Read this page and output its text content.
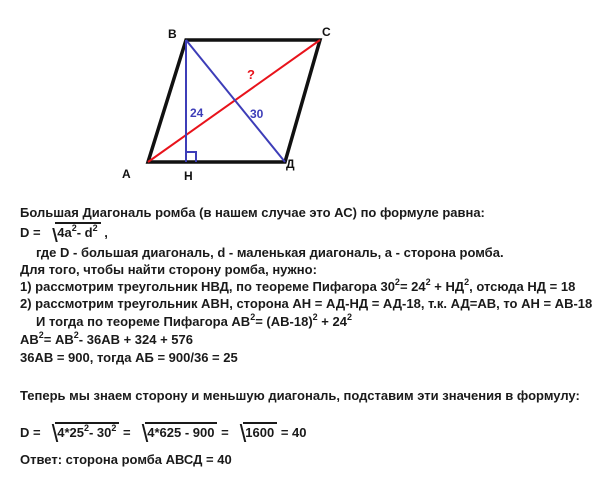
B	C
A	H
Д
24	30
?
Большая Диагональ ромба (в нашем случае это АС) по формуле равна:
$D = 4a^2-$ $d^2$ ,
где D - большая диагональ, d - маленькая диагональ, a - сторона ромба.
Для того, чтобы найти сторону ромба, нужно:
1) рассмотрим треугольник НВД, по теореме Пифагора $30^2= 24^2 + НД^2$, отсюда НД = 18
2) рассмотрим треугольник АВН, сторона АН = АД-НД = АД-18, т.к. АД=АВ, то АН = АВ-18
И тогда по теореме Пифагора $АВ^2= (АВ-18)^2 + 24^2$
$АВ^2= АВ^2-$ 36АВ + 324 + 576
36АВ = 900, тогда АБ = 900/36 = 25
Теперь мы знаем сторону и меньшую диагональ, подставим эти значения в формулу:
$D = 4*25^2-$ $30^2 = 4*625 - 900 = 1600 = 40$
Ответ: сторона ромба АВСД = 40
